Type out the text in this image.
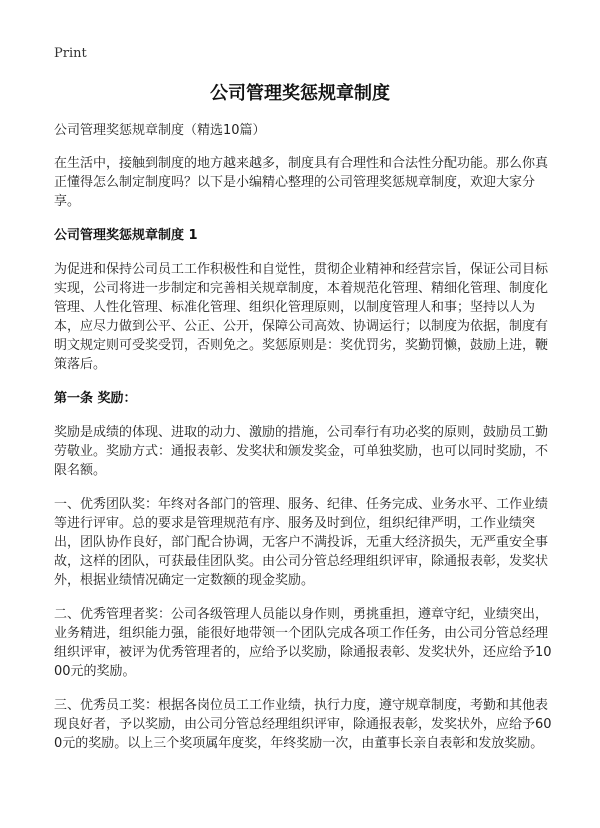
Print
公司管理奖惩规章制度

公司管理奖惩规章制度（精选10篇）

在生活中，接触到制度的地方越来越多，制度具有合理性和合法性分配功能。那么你真正懂得怎么制定制度吗？以下是小编精心整理的公司管理奖惩规章制度，欢迎大家分享。

公司管理奖惩规章制度 1

为促进和保持公司员工工作积极性和自觉性，贯彻企业精神和经营宗旨，保证公司目标实现，公司将进一步制定和完善相关规章制度，本着规范化管理、精细化管理、制度化管理、人性化管理、标准化管理、组织化管理原则，以制度管理人和事；坚持以人为本，应尽力做到公平、公正、公开，保障公司高效、协调运行；以制度为依据，制度有明文规定则可受奖受罚，否则免之。奖惩原则是：奖优罚劣，奖勤罚懒，鼓励上进，鞭策落后。

第一条 奖励：

奖励是成绩的体现、进取的动力、激励的措施，公司奉行有功必奖的原则，鼓励员工勤劳敬业。奖励方式：通报表彰、发奖状和颁发奖金，可单独奖励，也可以同时奖励，不限名额。

一、优秀团队奖：年终对各部门的管理、服务、纪律、任务完成、业务水平、工作业绩等进行评审。总的要求是管理规范有序、服务及时到位，组织纪律严明，工作业绩突出，团队协作良好，部门配合协调，无客户不满投诉，无重大经济损失，无严重安全事故，这样的团队，可获最佳团队奖。由公司分管总经理组织评审，除通报表彰，发奖状外，根据业绩情况确定一定数额的现金奖励。

二、优秀管理者奖：公司各级管理人员能以身作则，勇挑重担，遵章守纪，业绩突出，业务精进，组织能力强，能很好地带领一个团队完成各项工作任务，由公司分管总经理组织评审，被评为优秀管理者的，应给予以奖励，除通报表彰、发奖状外，还应给予1000元的奖励。

三、优秀员工奖：根据各岗位员工工作业绩，执行力度，遵守规章制度，考勤和其他表现良好者，予以奖励，由公司分管总经理组织评审，除通报表彰，发奖状外，应给予600元的奖励。以上三个奖项属年度奖，年终奖励一次，由董事长亲自表彰和发放奖励。
